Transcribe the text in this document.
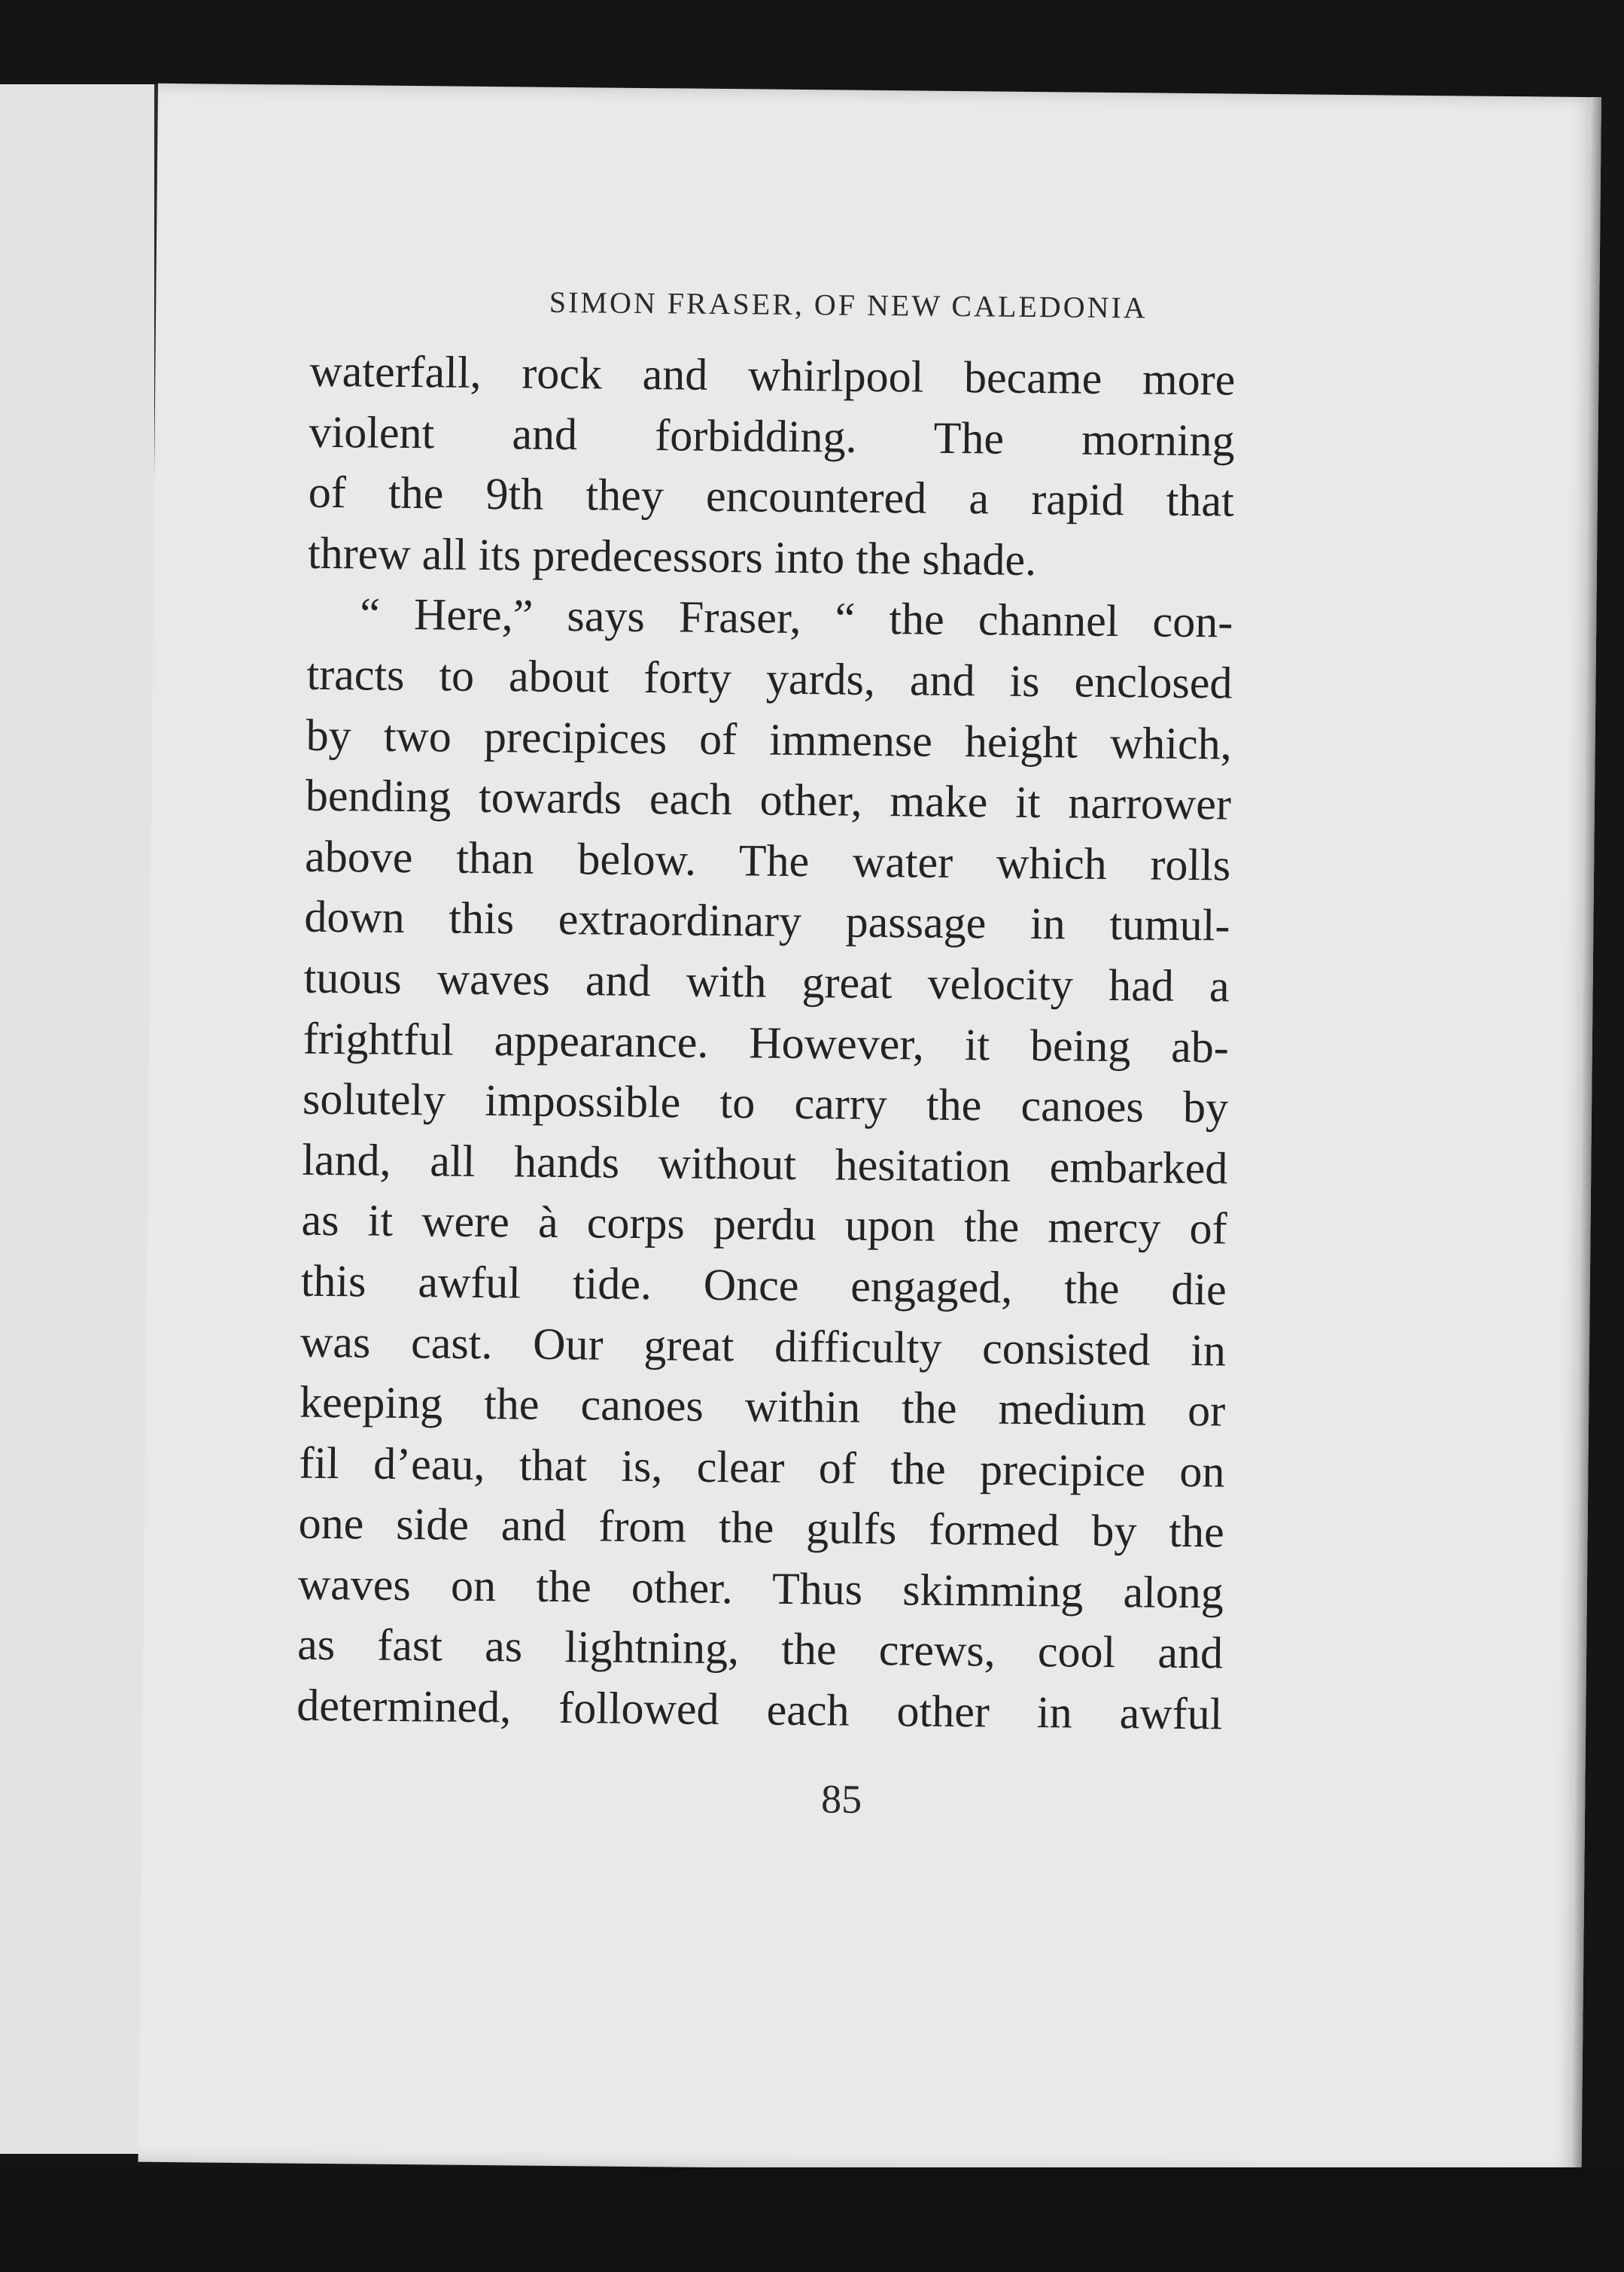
SIMON FRASER, OF NEW CALEDONIA
waterfall, rock and whirlpool became more
violent and forbidding. The morning
of the 9th they encountered a rapid that
threw all its predecessors into the shade.
“ Here,” says Fraser, “ the channel con-
tracts to about forty yards, and is enclosed
by two precipices of immense height which,
bending towards each other, make it narrower
above than below. The water which rolls
down this extraordinary passage in tumul-
tuous waves and with great velocity had a
frightful appearance. However, it being ab-
solutely impossible to carry the canoes by
land, all hands without hesitation embarked
as it were à corps perdu upon the mercy of
this awful tide. Once engaged, the die
was cast. Our great difficulty consisted in
keeping the canoes within the medium or
fil d’eau, that is, clear of the precipice on
one side and from the gulfs formed by the
waves on the other. Thus skimming along
as fast as lightning, the crews, cool and
determined, followed each other in awful
85
